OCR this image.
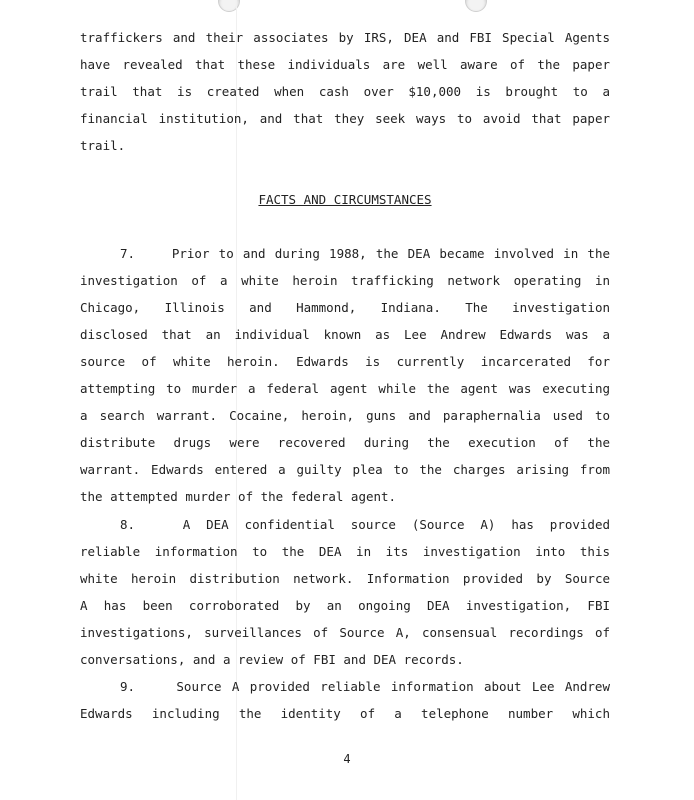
traffickers and their associates by IRS, DEA and FBI Special Agents
have revealed that these individuals are well aware of the paper
trail that is created when cash over $10,000 is brought to a
financial institution, and that they seek ways to avoid that paper
trail.
FACTS AND CIRCUMSTANCES
7.    Prior to and during 1988, the DEA became involved in the
investigation of a white heroin trafficking network operating in
Chicago, Illinois and Hammond, Indiana. The investigation
disclosed that an individual known as Lee Andrew Edwards was a
source of white heroin. Edwards is currently incarcerated for
attempting to murder a federal agent while the agent was executing
a search warrant. Cocaine, heroin, guns and paraphernalia used to
distribute drugs were recovered during the execution of the
warrant. Edwards entered a guilty plea to the charges arising from
the attempted murder of the federal agent.
8.   A DEA confidential source (Source A) has provided
reliable information to the DEA in its investigation into this
white heroin distribution network. Information provided by Source
A has been corroborated by an ongoing DEA investigation, FBI
investigations, surveillances of Source A, consensual recordings of
conversations, and a review of FBI and DEA records.
9.    Source A provided reliable information about Lee Andrew
Edwards including the identity of a telephone number which
4
